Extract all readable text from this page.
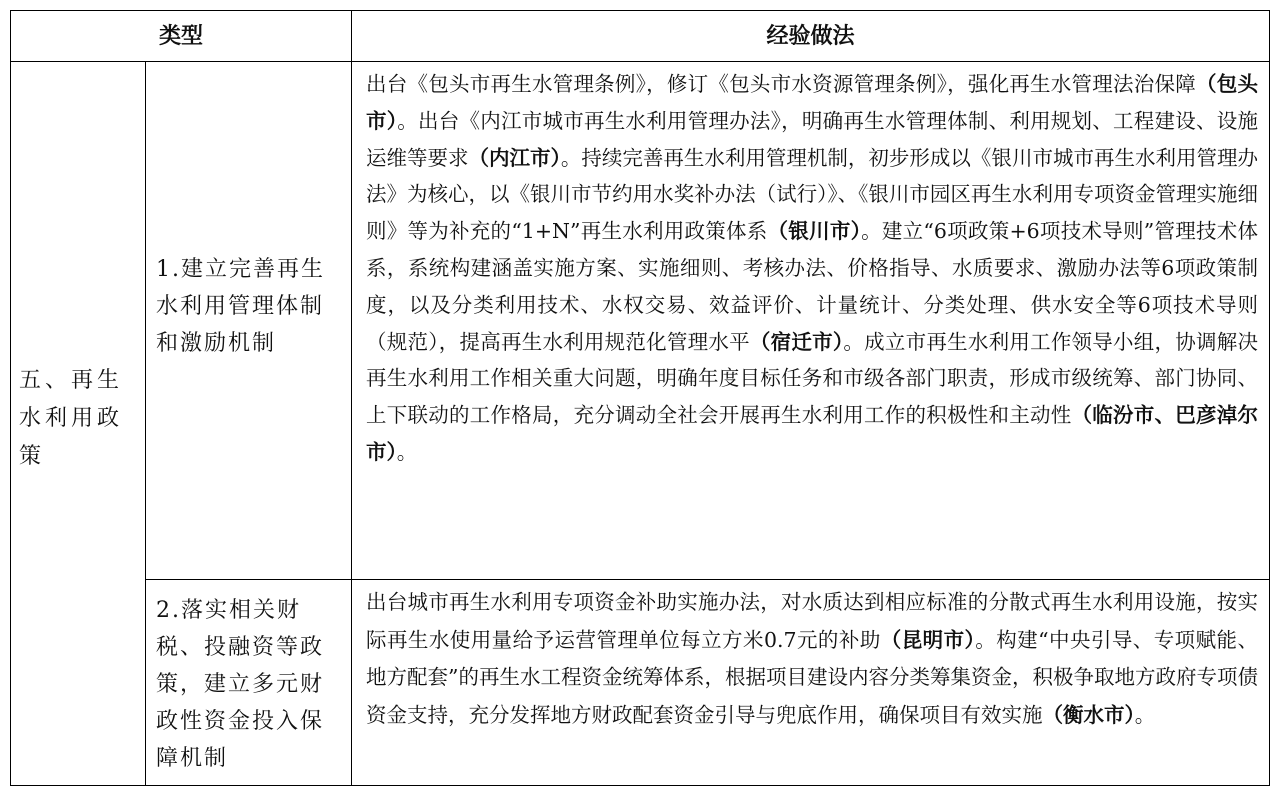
类型	经验做法
五、再生水利用政策
1.建立完善再生水利用管理体制和激励机制
出台《包头市再生水管理条例》，修订《包头市水资源管理条例》，强化再生水管理法治保障（包头市）。出台《内江市城市再生水利用管理办法》，明确再生水管理体制、利用规划、工程建设、设施运维等要求（内江市）。持续完善再生水利用管理机制，初步形成以《银川市城市再生水利用管理办法》为核心，以《银川市节约用水奖补办法（试行）》、《银川市园区再生水利用专项资金管理实施细则》等为补充的“1+N”再生水利用政策体系（银川市）。建立“6项政策+6项技术导则”管理技术体系，系统构建涵盖实施方案、实施细则、考核办法、价格指导、水质要求、激励办法等6项政策制度，以及分类利用技术、水权交易、效益评价、计量统计、分类处理、供水安全等6项技术导则（规范），提高再生水利用规范化管理水平（宿迁市）。成立市再生水利用工作领导小组，协调解决再生水利用工作相关重大问题，明确年度目标任务和市级各部门职责，形成市级统筹、部门协同、上下联动的工作格局，充分调动全社会开展再生水利用工作的积极性和主动性（临汾市、巴彦淖尔市）。
2.落实相关财税、投融资等政策，建立多元财政性资金投入保障机制
出台城市再生水利用专项资金补助实施办法，对水质达到相应标准的分散式再生水利用设施，按实际再生水使用量给予运营管理单位每立方米0.7元的补助（昆明市）。构建“中央引导、专项赋能、地方配套”的再生水工程资金统筹体系，根据项目建设内容分类筹集资金，积极争取地方政府专项债资金支持，充分发挥地方财政配套资金引导与兜底作用，确保项目有效实施（衡水市）。
